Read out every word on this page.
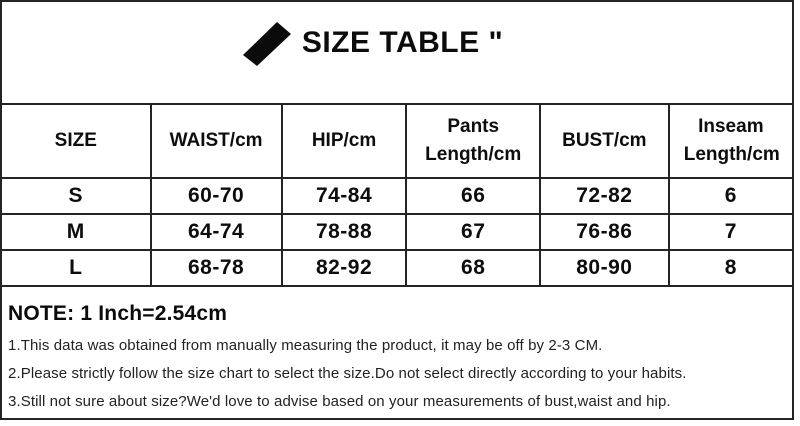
SIZE TABLE "
SIZE	WAIST/cm	HIP/cm	Pants Length/cm	BUST/cm	Inseam Length/cm
S	60-70	74-84	66	72-82	6
M	64-74	78-88	67	76-86	7
L	68-78	82-92	68	80-90	8
NOTE: 1 Inch=2.54cm
1.This data was obtained from manually measuring the product, it may be off by 2-3 CM.
2.Please strictly follow the size chart to select the size.Do not select directly according to your habits.
3.Still not sure about size?We'd love to advise based on your measurements of bust,waist and hip.
